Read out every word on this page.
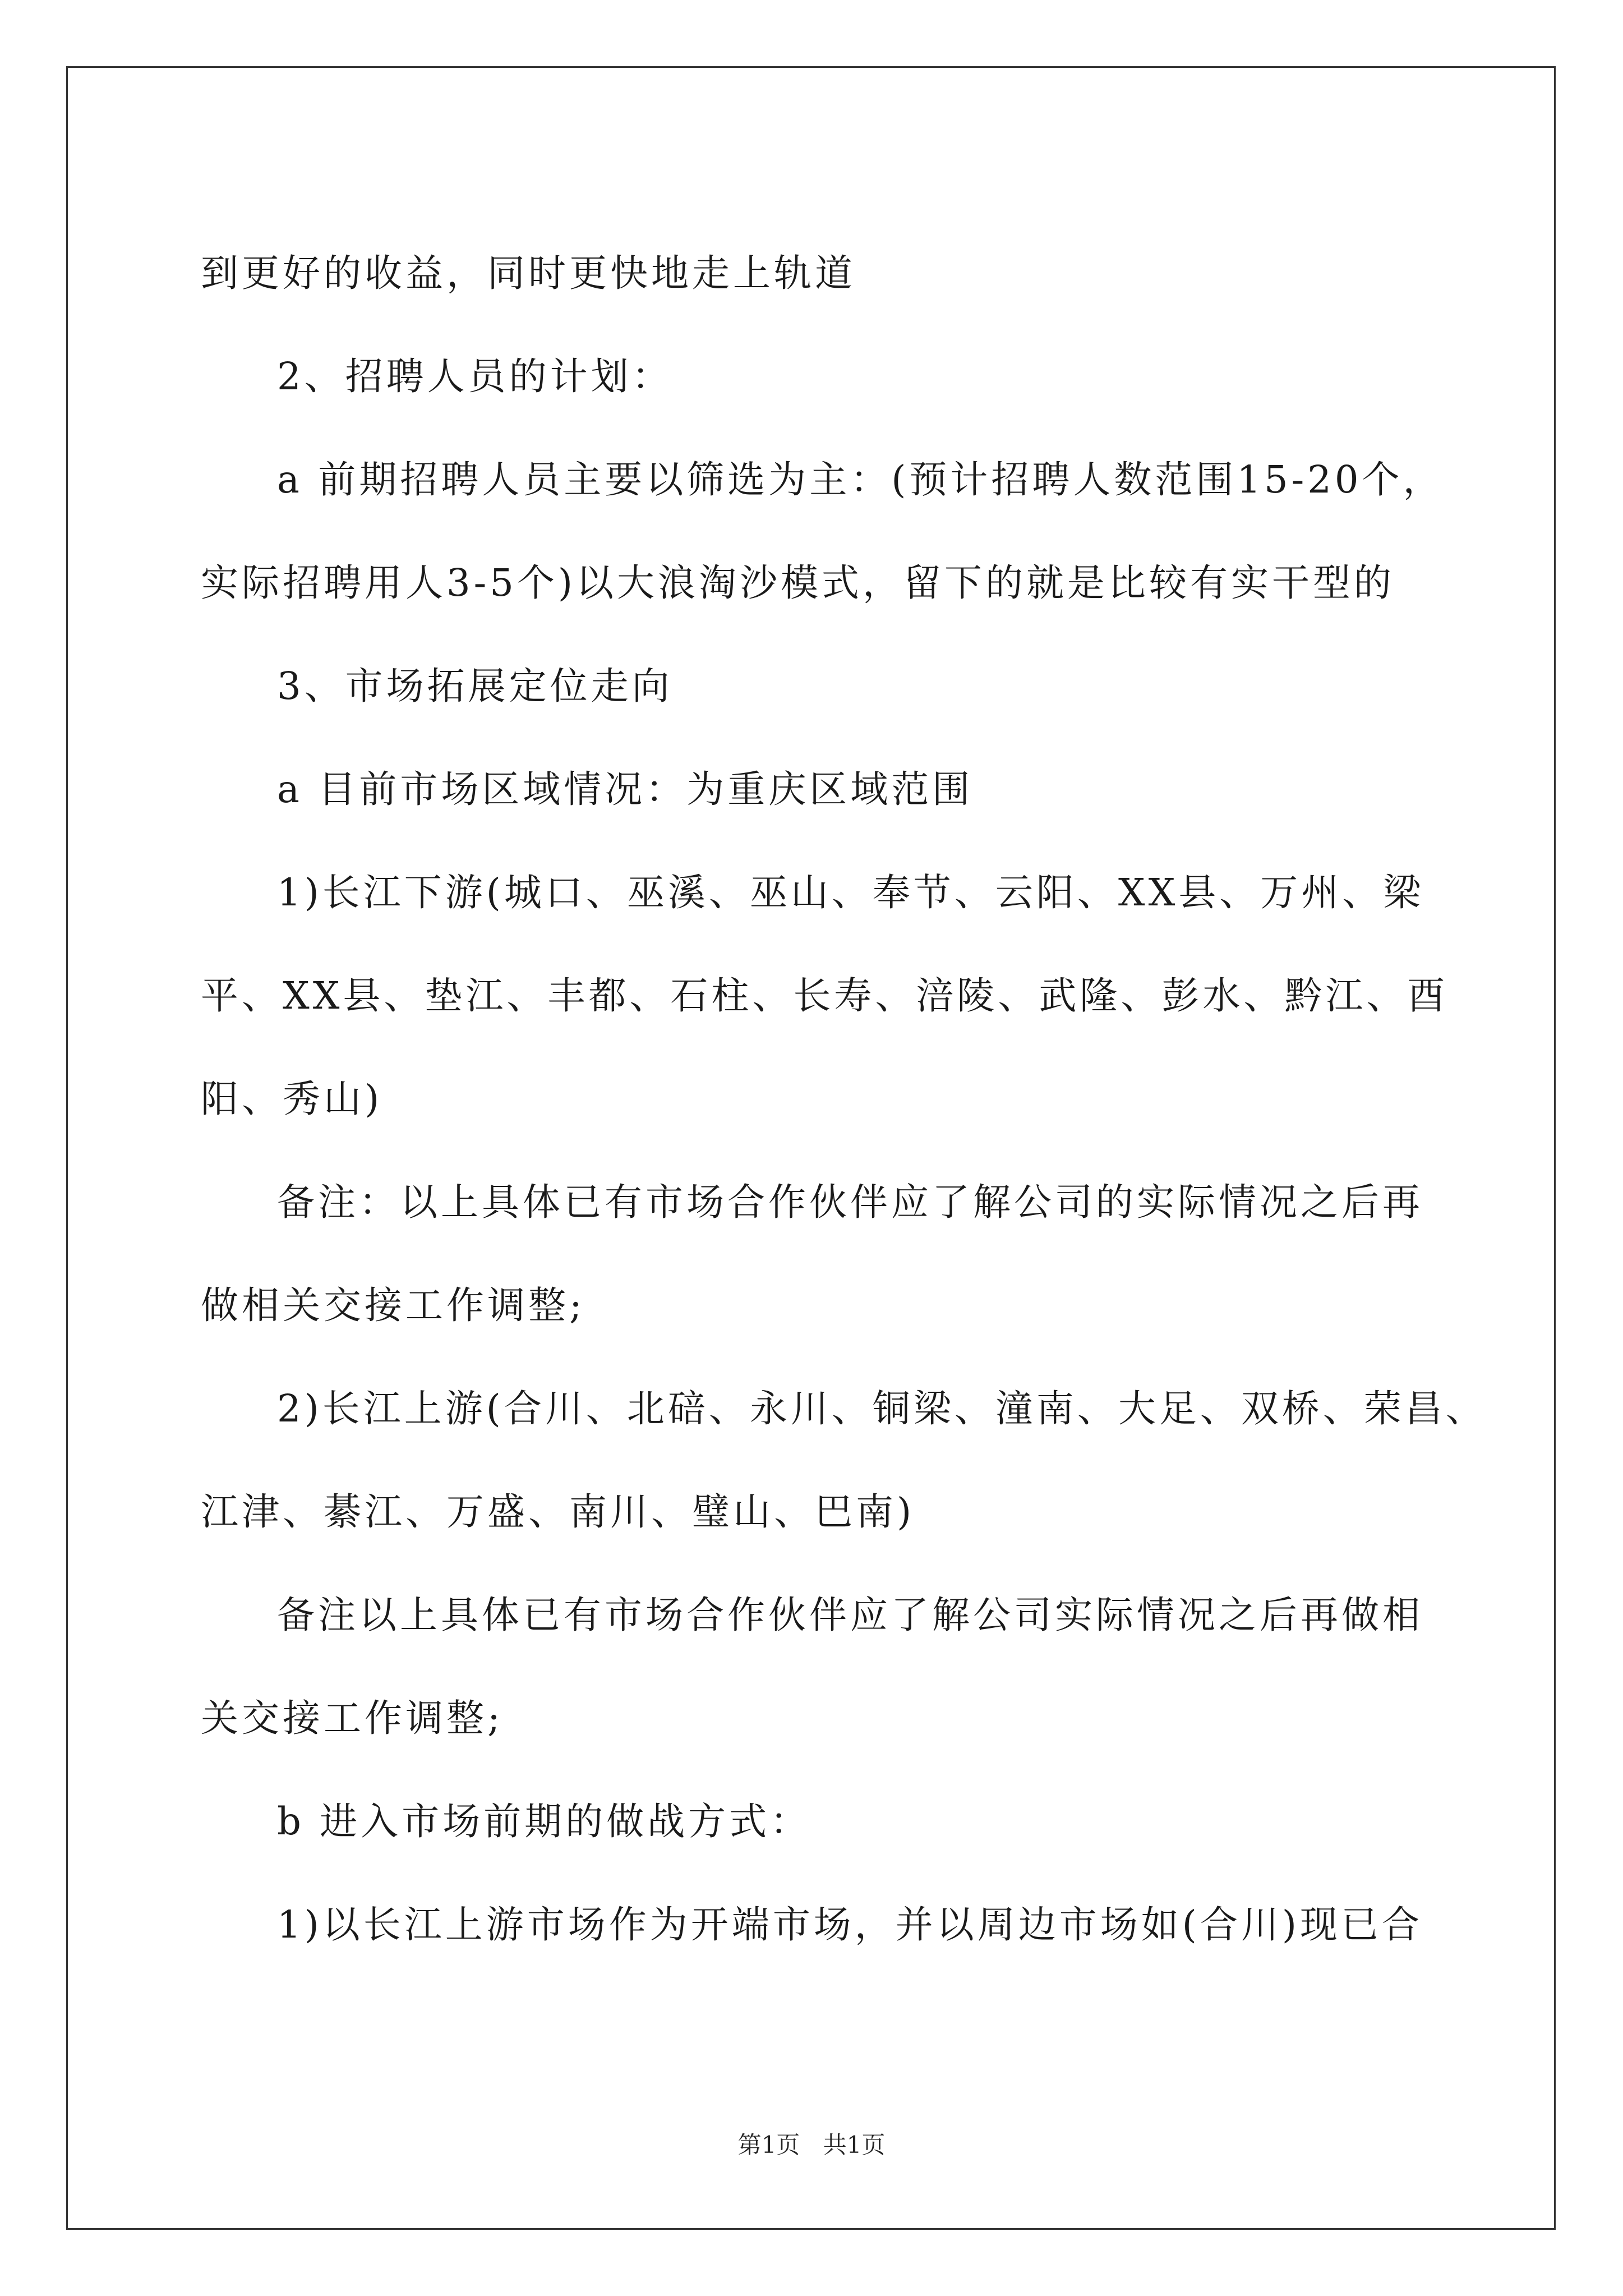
到更好的收益，同时更快地走上轨道
2、招聘人员的计划：
a 前期招聘人员主要以筛选为主：(预计招聘人数范围15-20个，
实际招聘用人3-5个)以大浪淘沙模式，留下的就是比较有实干型的
3、市场拓展定位走向
a 目前市场区域情况：为重庆区域范围
1)长江下游(城口、巫溪、巫山、奉节、云阳、XX县、万州、梁
平、XX县、垫江、丰都、石柱、长寿、涪陵、武隆、彭水、黔江、酉
阳、秀山)
备注：以上具体已有市场合作伙伴应了解公司的实际情况之后再
做相关交接工作调整;
2)长江上游(合川、北碚、永川、铜梁、潼南、大足、双桥、荣昌、
江津、綦江、万盛、南川、璧山、巴南)
备注以上具体已有市场合作伙伴应了解公司实际情况之后再做相
关交接工作调整;
b 进入市场前期的做战方式：
1)以长江上游市场作为开端市场，并以周边市场如(合川)现已合
第1页 共1页
